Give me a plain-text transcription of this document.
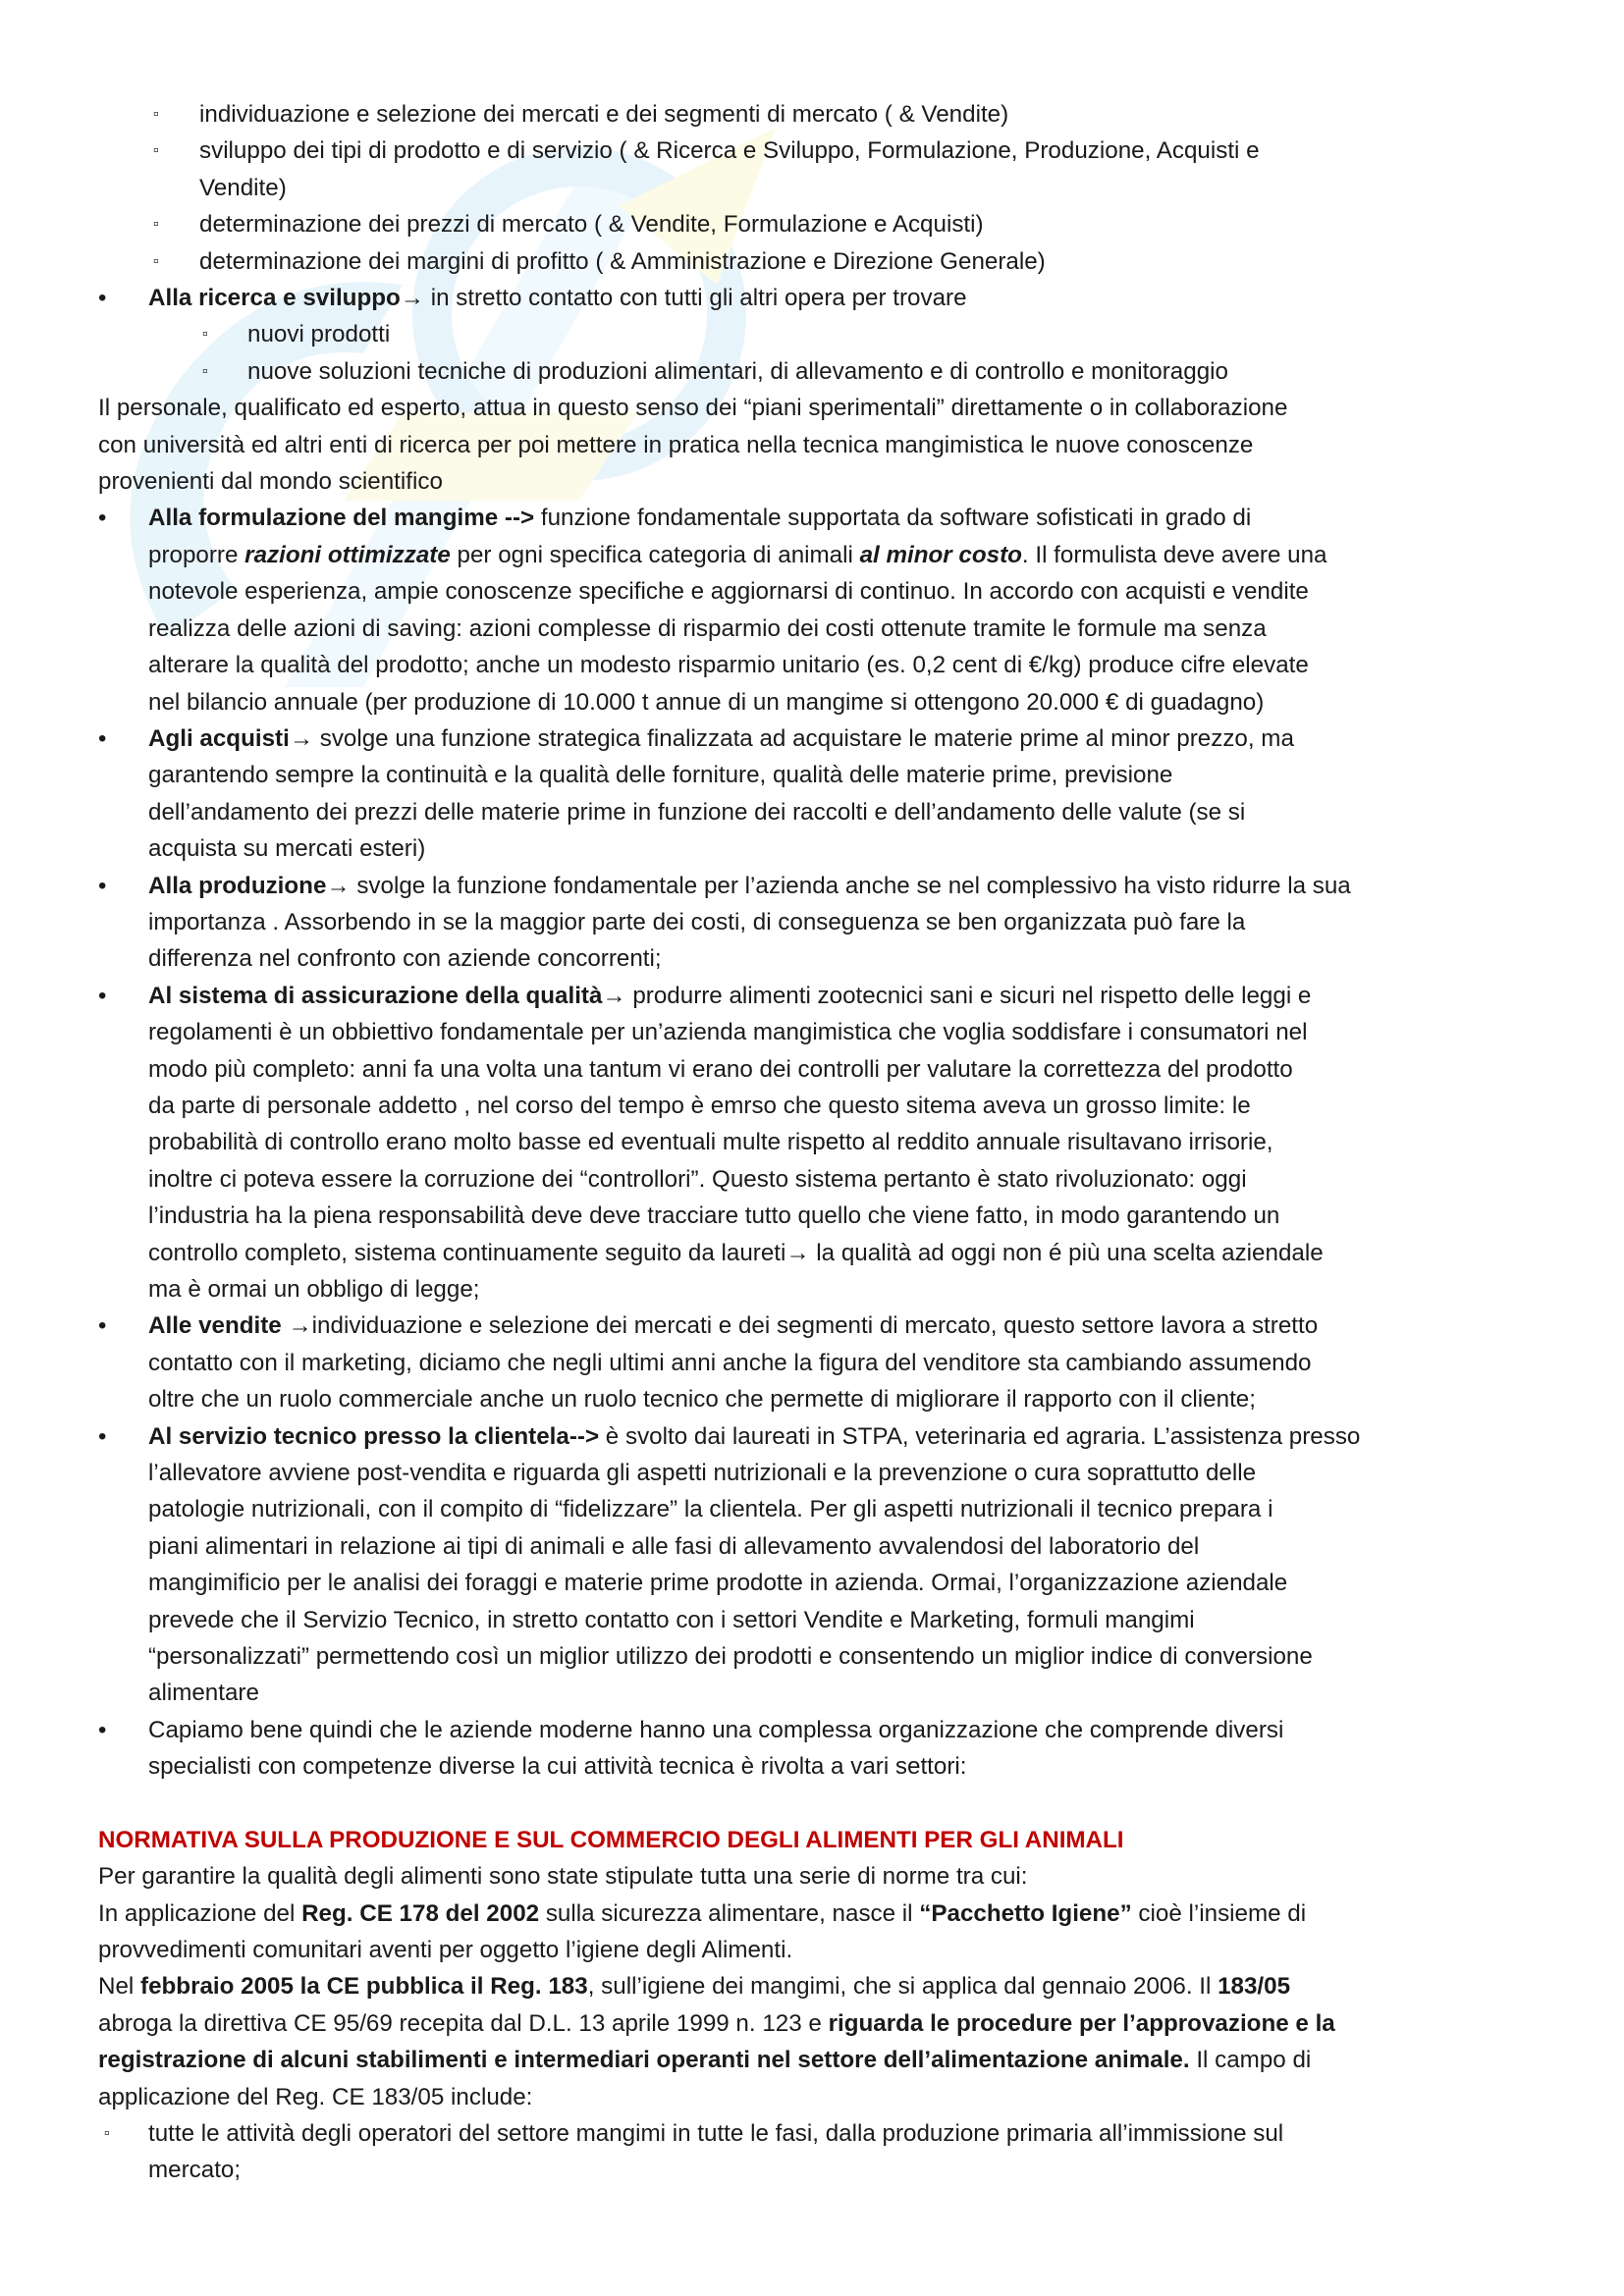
▫ individuazione e selezione dei mercati e dei segmenti di mercato ( & Vendite)
▫ sviluppo dei tipi di prodotto e di servizio ( & Ricerca e Sviluppo, Formulazione, Produzione, Acquisti e
Vendite)
▫ determinazione dei prezzi di mercato ( & Vendite, Formulazione e Acquisti)
▫ determinazione dei margini di profitto ( & Amministrazione e Direzione Generale)
• Alla ricerca e sviluppo→ in stretto contatto con tutti gli altri opera per trovare
▫ nuovi prodotti
▫ nuove soluzioni tecniche di produzioni alimentari, di allevamento e di controllo e monitoraggio
Il personale, qualificato ed esperto, attua in questo senso dei “piani sperimentali” direttamente o in collaborazione
con università ed altri enti di ricerca per poi mettere in pratica nella tecnica mangimistica le nuove conoscenze
provenienti dal mondo scientifico
• Alla formulazione del mangime --> funzione fondamentale supportata da software sofisticati in grado di
proporre razioni ottimizzate per ogni specifica categoria di animali al minor costo. Il formulista deve avere una
notevole esperienza, ampie conoscenze specifiche e aggiornarsi di continuo. In accordo con acquisti e vendite
realizza delle azioni di saving: azioni complesse di risparmio dei costi ottenute tramite le formule ma senza
alterare la qualità del prodotto; anche un modesto risparmio unitario (es. 0,2 cent di €/kg) produce cifre elevate
nel bilancio annuale (per produzione di 10.000 t annue di un mangime si ottengono 20.000 € di guadagno)
• Agli acquisti→ svolge una funzione strategica finalizzata ad acquistare le materie prime al minor prezzo, ma
garantendo sempre la continuità e la qualità delle forniture, qualità delle materie prime, previsione
dell’andamento dei prezzi delle materie prime in funzione dei raccolti e dell’andamento delle valute (se si
acquista su mercati esteri)
• Alla produzione→ svolge la funzione fondamentale per l’azienda anche se nel complessivo ha visto ridurre la sua
importanza . Assorbendo in se la maggior parte dei costi, di conseguenza se ben organizzata può fare la
differenza nel confronto con aziende concorrenti;
• Al sistema di assicurazione della qualità→ produrre alimenti zootecnici sani e sicuri nel rispetto delle leggi e
regolamenti è un obbiettivo fondamentale per un’azienda mangimistica che voglia soddisfare i consumatori nel
modo più completo: anni fa una volta una tantum vi erano dei controlli per valutare la correttezza del prodotto
da parte di personale addetto , nel corso del tempo è emrso che questo sitema aveva un grosso limite: le
probabilità di controllo erano molto basse ed eventuali multe rispetto al reddito annuale risultavano irrisorie,
inoltre ci poteva essere la corruzione dei “controllori”. Questo sistema pertanto è stato rivoluzionato: oggi
l’industria ha la piena responsabilità deve deve tracciare tutto quello che viene fatto, in modo garantendo un
controllo completo, sistema continuamente seguito da laureti→ la qualità ad oggi non é più una scelta aziendale
ma è ormai un obbligo di legge;
• Alle vendite →individuazione e selezione dei mercati e dei segmenti di mercato, questo settore lavora a stretto
contatto con il marketing, diciamo che negli ultimi anni anche la figura del venditore sta cambiando assumendo
oltre che un ruolo commerciale anche un ruolo tecnico che permette di migliorare il rapporto con il cliente;
• Al servizio tecnico presso la clientela--> è svolto dai laureati in STPA, veterinaria ed agraria. L’assistenza presso
l’allevatore avviene post-vendita e riguarda gli aspetti nutrizionali e la prevenzione o cura soprattutto delle
patologie nutrizionali, con il compito di “fidelizzare” la clientela. Per gli aspetti nutrizionali il tecnico prepara i
piani alimentari in relazione ai tipi di animali e alle fasi di allevamento avvalendosi del laboratorio del
mangimificio per le analisi dei foraggi e materie prime prodotte in azienda. Ormai, l’organizzazione aziendale
prevede che il Servizio Tecnico, in stretto contatto con i settori Vendite e Marketing, formuli mangimi
“personalizzati” permettendo così un miglior utilizzo dei prodotti e consentendo un miglior indice di conversione
alimentare
• Capiamo bene quindi che le aziende moderne hanno una complessa organizzazione che comprende diversi
specialisti con competenze diverse la cui attività tecnica è rivolta a vari settori:
NORMATIVA SULLA PRODUZIONE E SUL COMMERCIO DEGLI ALIMENTI PER GLI ANIMALI
Per garantire la qualità degli alimenti sono state stipulate tutta una serie di norme tra cui:
In applicazione del Reg. CE 178 del 2002 sulla sicurezza alimentare, nasce il “Pacchetto Igiene” cioè l’insieme di
provvedimenti comunitari aventi per oggetto l’igiene degli Alimenti.
Nel febbraio 2005 la CE pubblica il Reg. 183, sull’igiene dei mangimi, che si applica dal gennaio 2006. Il 183/05
abroga la direttiva CE 95/69 recepita dal D.L. 13 aprile 1999 n. 123 e riguarda le procedure per l’approvazione e la
registrazione di alcuni stabilimenti e intermediari operanti nel settore dell’alimentazione animale. Il campo di
applicazione del Reg. CE 183/05 include:
▫ tutte le attività degli operatori del settore mangimi in tutte le fasi, dalla produzione primaria all’immissione sul
mercato;
